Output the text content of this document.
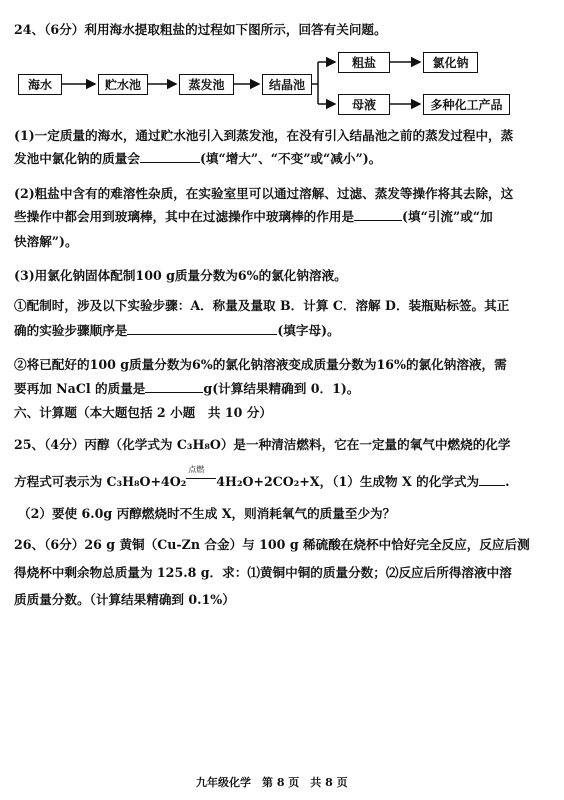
24、（6分）利用海水提取粗盐的过程如下图所示，回答有关问题。
海水	贮水池	蒸发池	结晶池
粗盐	氯化钠
母液	多种化工产品
(1)一定质量的海水，通过贮水池引入到蒸发池，在没有引入结晶池之前的蒸发过程中，蒸
发池中氯化钠的质量会	(填“增大”、“不变”或“减小”)。
(2)粗盐中含有的难溶性杂质，在实验室里可以通过溶解、过滤、蒸发等操作将其去除，这
些操作中都会用到玻璃棒，其中在过滤操作中玻璃棒的作用是	(填“引流”或“加
快溶解”)。
(3)用氯化钠固体配制100 g质量分数为6%的氯化钠溶液。
①配制时，涉及以下实验步骤：A．称量及量取 B．计算 C．溶解 D．装瓶贴标签。其正
确的实验步骤顺序是	(填字母)。
②将已配好的100 g质量分数为6%的氯化钠溶液变成质量分数为16%的氯化钠溶液，需
要再加 NaCl 的质量是	g(计算结果精确到 0．1)。
六、计算题（本大题包括 2 小题　共 10 分）
25、（4分）丙醇（化学式为 C₃H₈O）是一种清洁燃料，它在一定量的氧气中燃烧的化学
方程式可表示为 C₃H₈O+4O₂
点燃
4H₂O+2CO₂+X，（1）生成物 X 的化学式为 .
（2）要使 6.0g 丙醇燃烧时不生成 X，则消耗氧气的质量至少为？
26、（6分）26 g 黄铜（Cu-Zn 合金）与 100 g 稀硫酸在烧杯中恰好完全反应，反应后测
得烧杯中剩余物总质量为 125.8 g．求：⑴黄铜中铜的质量分数；⑵反应后所得溶液中溶
质质量分数。（计算结果精确到 0.1%）
九年级化学　第 8 页　共 8 页
